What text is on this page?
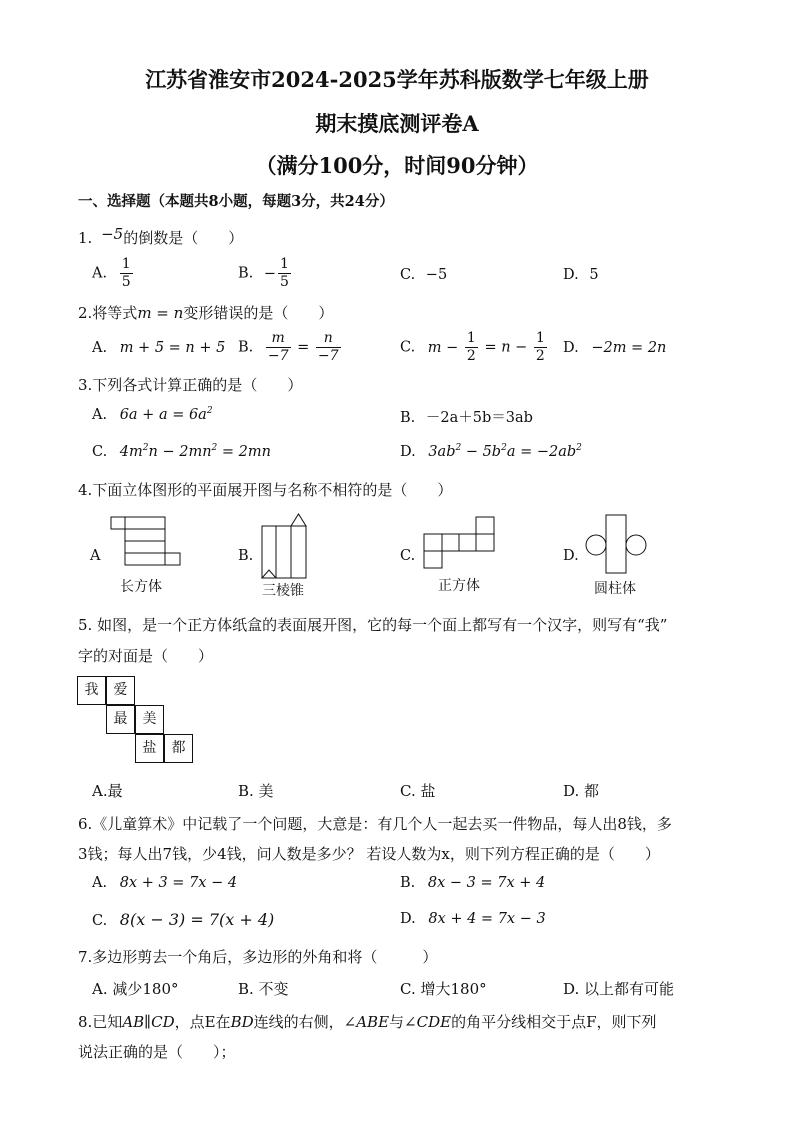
江苏省淮安市2024-2025学年苏科版数学七年级上册
期末摸底测评卷A
（满分100分，时间90分钟）
一、选择题（本题共8小题，每题3分，共24分）
1. −5的倒数是（　　）
A. $\frac{1}{5}$	B. − $\frac{1}{5}$	C. −5	D. 5
2.将等式m = n变形错误的是（　　）
A. m + 5 = n + 5 B. $\frac{m}{-7} = \frac{n}{-7}$	C. $m - \frac{1}{2} = n - \frac{1}{2} D$. −2m = 2n
3.下列各式计算正确的是（　　）
A. $6a + a = 6a^2$	B. －2a＋5b＝3ab
C. $4m^2n - 2mn^2 = 2mn$	D. $3ab^2 - 5b^2a = -2ab^2$
4.下面立体图形的平面展开图与名称不相符的是（　　）
A
长方体
B.
三棱锥
C.
正方体
D.
圆柱体
5. 如图，是一个正方体纸盒的表面展开图，它的每一个面上都写有一个汉字，则写有“我”
字的对面是（　　）
我	爱
最	美
盐	都
A.最	B. 美	C. 盐	D. 都
6.《儿童算术》中记载了一个问题，大意是：有几个人一起去买一件物品，每人出8钱，多
3钱；每人出7钱，少4钱，问人数是多少？ 若设人数为x，则下列方程正确的是（　　）
A. 8x + 3 = 7x − 4	B. 8x − 3 = 7x + 4
C. 8(x − 3) = 7(x + 4)	D. 8x + 4 = 7x − 3
7.多边形剪去一个角后，多边形的外角和将（　　　）
A. 减少180°	B. 不变	C. 增大180°	D. 以上都有可能
8.已知AB∥CD，点E在BD连线的右侧，∠ABE与∠CDE的角平分线相交于点F，则下列
说法正确的是（　　）；
